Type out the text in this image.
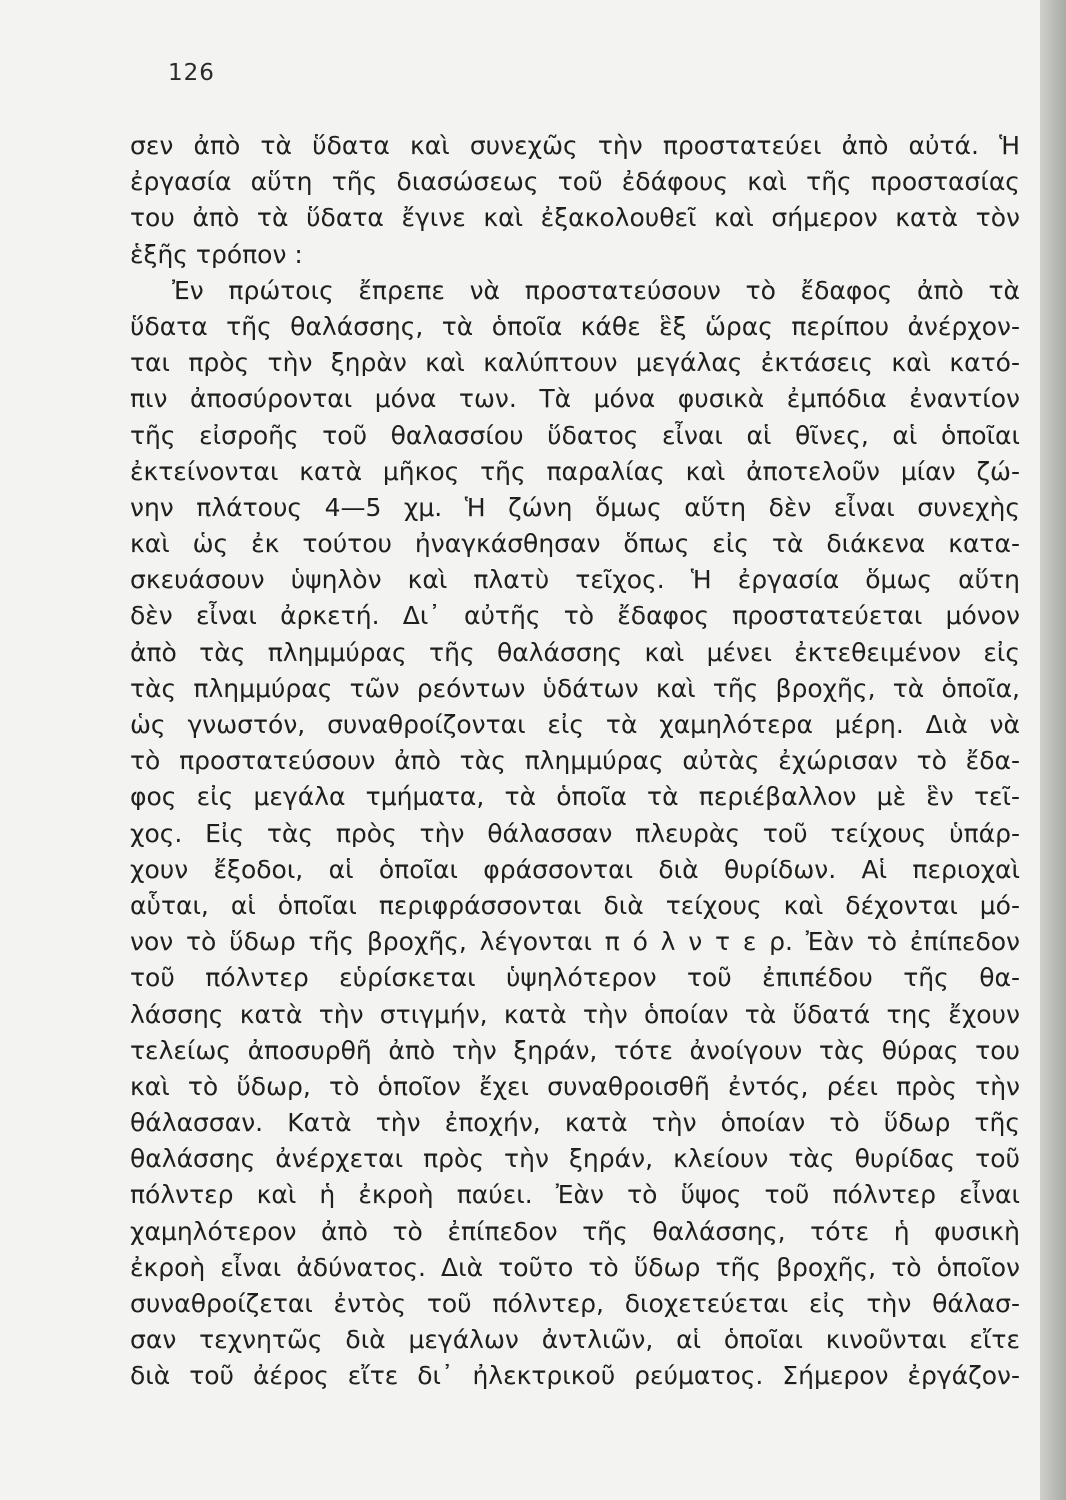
126
σεν ἀπὸ τὰ ὕδατα καὶ συνεχῶς τὴν προστατεύει ἀπὸ αὐτά. Ἡ
ἐργασία αὕτη τῆς διασώσεως τοῦ ἐδάφους καὶ τῆς προστασίας
του ἀπὸ τὰ ὕδατα ἔγινε καὶ ἐξακολουθεῖ καὶ σήμερον κατὰ τὸν
ἑξῆς τρόπον :
Ἐν πρώτοις ἔπρεπε νὰ προστατεύσουν τὸ ἔδαφος ἀπὸ τὰ
ὕδατα τῆς θαλάσσης, τὰ ὁποῖα κάθε ἓξ ὥρας περίπου ἀνέρχον-
ται πρὸς τὴν ξηρὰν καὶ καλύπτουν μεγάλας ἐκτάσεις καὶ κατό-
πιν ἀποσύρονται μόνα των. Τὰ μόνα φυσικὰ ἐμπόδια ἐναντίον
τῆς εἰσροῆς τοῦ θαλασσίου ὕδατος εἶναι αἱ θῖνες, αἱ ὁποῖαι
ἐκτείνονται κατὰ μῆκος τῆς παραλίας καὶ ἀποτελοῦν μίαν ζώ-
νην πλάτους 4—5 χμ. Ἡ ζώνη ὅμως αὕτη δὲν εἶναι συνεχὴς
καὶ ὡς ἐκ τούτου ἠναγκάσθησαν ὅπως εἰς τὰ διάκενα κατα-
σκευάσουν ὑψηλὸν καὶ πλατὺ τεῖχος. Ἡ ἐργασία ὅμως αὕτη
δὲν εἶναι ἀρκετή. Δι᾽ αὐτῆς τὸ ἔδαφος προστατεύεται μόνον
ἀπὸ τὰς πλημμύρας τῆς θαλάσσης καὶ μένει ἐκτεθειμένον εἰς
τὰς πλημμύρας τῶν ρεόντων ὑδάτων καὶ τῆς βροχῆς, τὰ ὁποῖα,
ὡς γνωστόν, συναθροίζονται εἰς τὰ χαμηλότερα μέρη. Διὰ νὰ
τὸ προστατεύσουν ἀπὸ τὰς πλημμύρας αὐτὰς ἐχώρισαν τὸ ἔδα-
φος εἰς μεγάλα τμήματα, τὰ ὁποῖα τὰ περιέβαλλον μὲ ἓν τεῖ-
χος. Εἰς τὰς πρὸς τὴν θάλασσαν πλευρὰς τοῦ τείχους ὑπάρ-
χουν ἔξοδοι, αἱ ὁποῖαι φράσσονται διὰ θυρίδων. Αἱ περιοχαὶ
αὗται, αἱ ὁποῖαι περιφράσσονται διὰ τείχους καὶ δέχονται μό-
νον τὸ ὕδωρ τῆς βροχῆς, λέγονται π ό λ ν τ ε ρ. Ἐὰν τὸ ἐπίπεδον
τοῦ πόλντερ εὑρίσκεται ὑψηλότερον τοῦ ἐπιπέδου τῆς θα-
λάσσης κατὰ τὴν στιγμήν, κατὰ τὴν ὁποίαν τὰ ὕδατά της ἔχουν
τελείως ἀποσυρθῆ ἀπὸ τὴν ξηράν, τότε ἀνοίγουν τὰς θύρας του
καὶ τὸ ὕδωρ, τὸ ὁποῖον ἔχει συναθροισθῆ ἐντός, ρέει πρὸς τὴν
θάλασσαν. Κατὰ τὴν ἐποχήν, κατὰ τὴν ὁποίαν τὸ ὕδωρ τῆς
θαλάσσης ἀνέρχεται πρὸς τὴν ξηράν, κλείουν τὰς θυρίδας τοῦ
πόλντερ καὶ ἡ ἐκροὴ παύει. Ἐὰν τὸ ὕψος τοῦ πόλντερ εἶναι
χαμηλότερον ἀπὸ τὸ ἐπίπεδον τῆς θαλάσσης, τότε ἡ φυσικὴ
ἐκροὴ εἶναι ἀδύνατος. Διὰ τοῦτο τὸ ὕδωρ τῆς βροχῆς, τὸ ὁποῖον
συναθροίζεται ἐντὸς τοῦ πόλντερ, διοχετεύεται εἰς τὴν θάλασ-
σαν τεχνητῶς διὰ μεγάλων ἀντλιῶν, αἱ ὁποῖαι κινοῦνται εἴτε
διὰ τοῦ ἀέρος εἴτε δι᾽ ἠλεκτρικοῦ ρεύματος. Σήμερον ἐργάζον-
